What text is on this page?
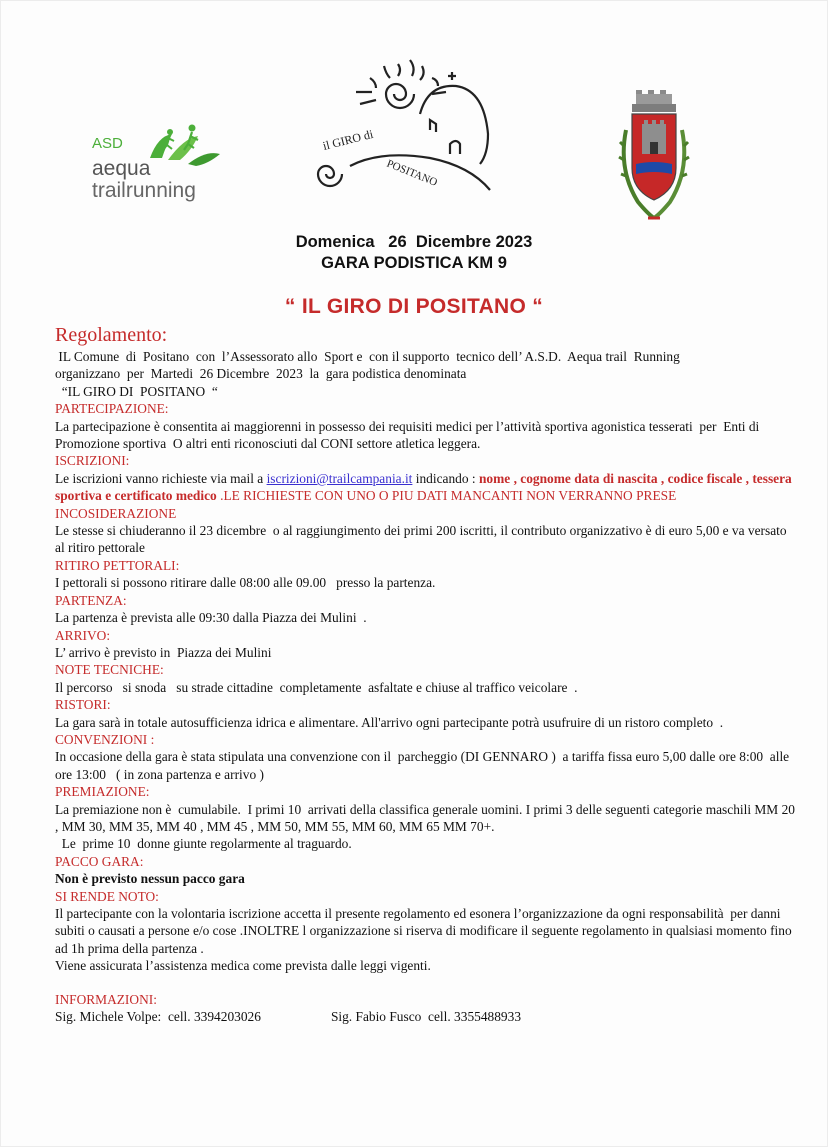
ASD
aequa
trailrunning
il GIRO di
POSITANO
Domenica   26  Dicembre 2023
GARA PODISTICA KM 9
“ IL GIRO DI POSITANO “
Regolamento:
IL Comune  di  Positano  con  l’Assessorato allo  Sport e  con il supporto  tecnico dell’ A.S.D.  Aequa trail  Running
organizzano  per  Martedi  26 Dicembre  2023  la  gara podistica denominata
“IL GIRO DI  POSITANO  “
PARTECIPAZIONE:
La partecipazione è consentita ai maggiorenni in possesso dei requisiti medici per l’attività sportiva agonistica tesserati  per  Enti di Promozione sportiva  O altri enti riconosciuti dal CONI settore atletica leggera.
ISCRIZIONI:
Le iscrizioni vanno richieste via mail a iscrizioni@trailcampania.it indicando : nome , cognome data di nascita , codice fiscale , tessera sportiva e certificato medico .LE RICHIESTE CON UNO O PIU DATI MANCANTI NON VERRANNO PRESE INCOSIDERAZIONE
Le stesse si chiuderanno il 23 dicembre  o al raggiungimento dei primi 200 iscritti, il contributo organizzativo è di euro 5,00 e va versato al ritiro pettorale
RITIRO PETTORALI:
I pettorali si possono ritirare dalle 08:00 alle 09.00   presso la partenza.
PARTENZA:
La partenza è prevista alle 09:30 dalla Piazza dei Mulini  .
ARRIVO:
L’ arrivo è previsto in  Piazza dei Mulini
NOTE TECNICHE:
Il percorso   si snoda   su strade cittadine  completamente  asfaltate e chiuse al traffico veicolare  .
RISTORI:
La gara sarà in totale autosufficienza idrica e alimentare. All'arrivo ogni partecipante potrà usufruire di un ristoro completo  .
CONVENZIONI :
In occasione della gara è stata stipulata una convenzione con il  parcheggio (DI GENNARO )  a tariffa fissa euro 5,00 dalle ore 8:00  alle ore 13:00   ( in zona partenza e arrivo )
PREMIAZIONE:
La premiazione non è  cumulabile.  I primi 10  arrivati della classifica generale uomini. I primi 3 delle seguenti categorie maschili MM 20 , MM 30, MM 35, MM 40 , MM 45 , MM 50, MM 55, MM 60, MM 65 MM 70+.
Le  prime 10  donne giunte regolarmente al traguardo.
PACCO GARA:
Non è previsto nessun pacco gara
SI RENDE NOTO:
Il partecipante con la volontaria iscrizione accetta il presente regolamento ed esonera l’organizzazione da ogni responsabilità  per danni subiti o causati a persone e/o cose .INOLTRE l organizzazione si riserva di modificare il seguente regolamento in qualsiasi momento fino ad 1h prima della partenza .
Viene assicurata l’assistenza medica come prevista dalle leggi vigenti.
INFORMAZIONI:
Sig. Michele Volpe:  cell. 3394203026	Sig. Fabio Fusco  cell. 3355488933
